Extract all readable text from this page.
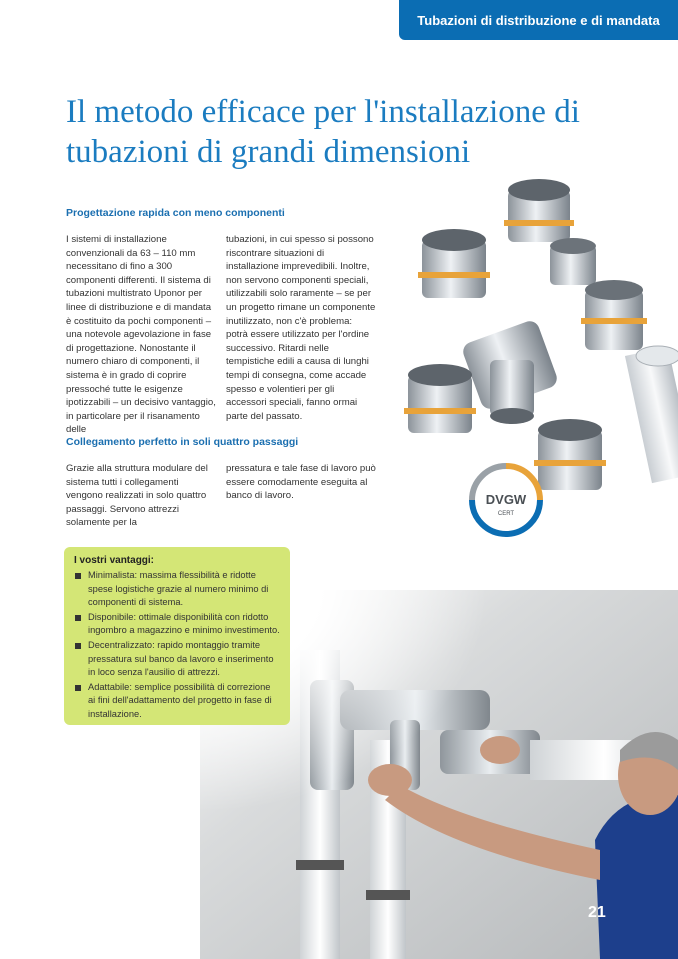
Tubazioni di distribuzione e di mandata
Il metodo efficace per l'installazione di tubazioni di grandi dimensioni
Progettazione rapida con meno componenti
I sistemi di installazione convenzionali da 63 – 110 mm necessitano di fino a 300 componenti differenti. Il sistema di tubazioni multistrato Uponor per linee di distribuzione e di mandata è costituito da pochi componenti – una notevole agevolazione in fase di progettazione. Nonostante il numero chiaro di componenti, il sistema è in grado di coprire pressoché tutte le esigenze ipotizzabili – un decisivo vantaggio, in particolare per il risanamento delle
tubazioni, in cui spesso si possono riscontrare situazioni di installazione imprevedibili. Inoltre, non servono componenti speciali, utilizzabili solo raramente – se per un progetto rimane un componente inutilizzato, non c'è problema: potrà essere utilizzato per l'ordine successivo. Ritardi nelle tempistiche edili a causa di lunghi tempi di consegna, come accade spesso e volentieri per gli accessori speciali, fanno ormai parte del passato.
Collegamento perfetto in soli quattro passaggi
Grazie alla struttura modulare del sistema tutti i collegamenti vengono realizzati in solo quattro passaggi. Servono attrezzi solamente per la
pressatura e tale fase di lavoro può essere comodamente eseguita al banco di lavoro.	DVGW
CERT
I vostri vantaggi:
Minimalista: massima flessibilità e ridotte spese logistiche grazie al numero minimo di componenti di sistema.
Disponibile: ottimale disponibilità con ridotto ingombro a magazzino e minimo investimento.
Decentralizzato: rapido montaggio tramite pressatura sul banco da lavoro e inserimento in loco senza l'ausilio di attrezzi.
Adattabile: semplice possibilità di correzione ai fini dell'adattamento del progetto in fase di installazione.
21
